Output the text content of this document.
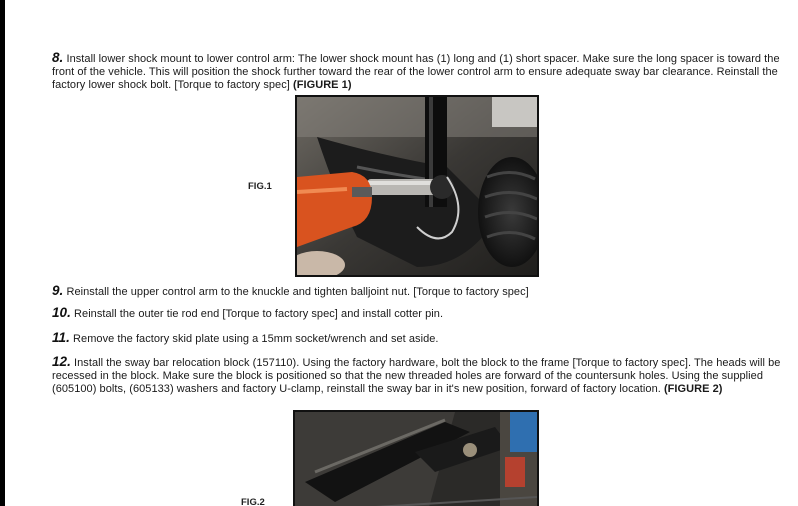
8. Install lower shock mount to lower control arm: The lower shock mount has (1) long and (1) short spacer. Make sure the long spacer is toward the front of the vehicle. This will position the shock further toward the rear of the lower control arm to ensure adequate sway bar clearance. Reinstall the factory lower shock bolt. [Torque to factory spec] (FIGURE 1)
FIG.1
9. Reinstall the upper control arm to the knuckle and tighten balljoint nut. [Torque to factory spec]
10. Reinstall the outer tie rod end [Torque to factory spec] and install cotter pin.
11. Remove the factory skid plate using a 15mm socket/wrench and set aside.
12. Install the sway bar relocation block (157110). Using the factory hardware, bolt the block to the frame [Torque to factory spec]. The heads will be recessed in the block. Make sure the block is positioned so that the new threaded holes are forward of the countersunk holes. Using the supplied (605100) bolts, (605133) washers and factory U-clamp, reinstall the sway bar in it's new position, forward of factory location. (FIGURE 2)
FIG.2
